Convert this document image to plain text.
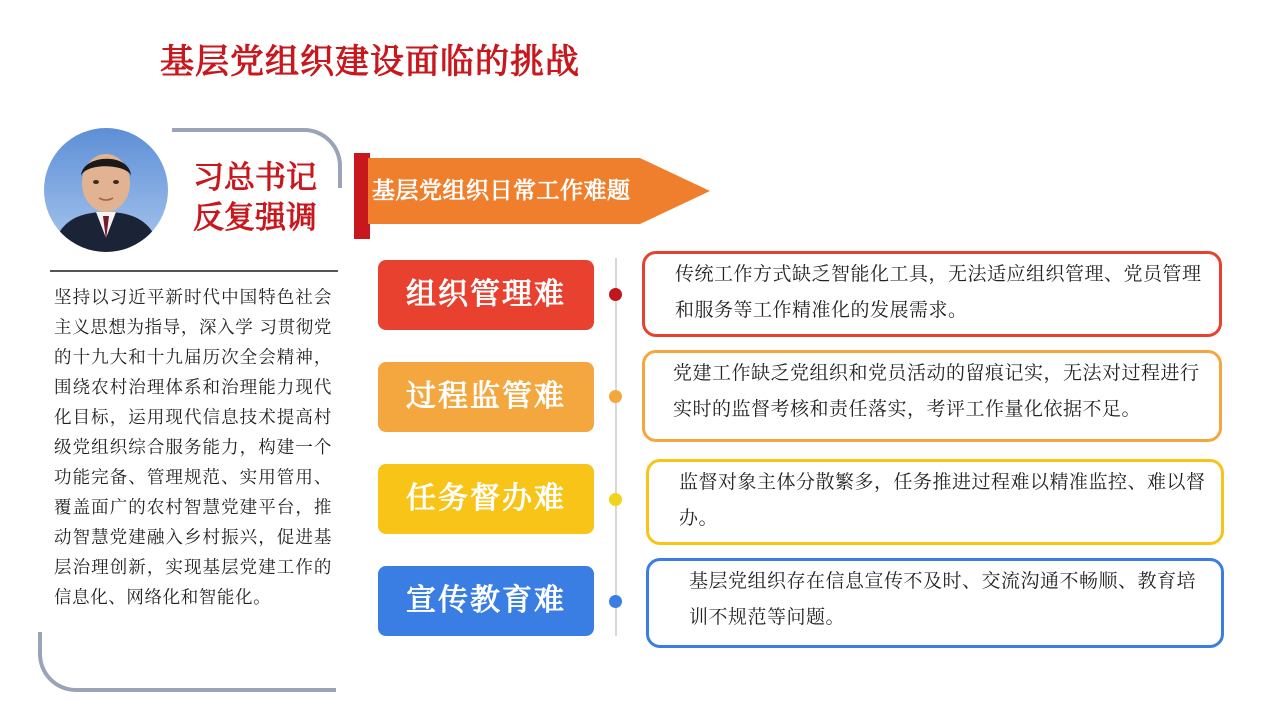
基层党组织建设面临的挑战
习总书记
反复强调
坚持以习近平新时代中国特色社会主义思想为指导，深入学 习贯彻党的十九大和十九届历次全会精神，围绕农村治理体系和治理能力现代化目标，运用现代信息技术提高村级党组织综合服务能力，构建一个功能完备、管理规范、实用管用、覆盖面广的农村智慧党建平台，推动智慧党建融入乡村振兴，促进基层治理创新，实现基层党建工作的信息化、网络化和智能化。
基层党组织日常工作难题
组织管理难
传统工作方式缺乏智能化工具，无法适应组织管理、党员管理和服务等工作精准化的发展需求。
过程监管难
党建工作缺乏党组织和党员活动的留痕记实，无法对过程进行实时的监督考核和责任落实，考评工作量化依据不足。
任务督办难	监督对象主体分散繁多，任务推进过程难以精准监控、难以督办。
宣传教育难
基层党组织存在信息宣传不及时、交流沟通不畅顺、教育培训不规范等问题。
